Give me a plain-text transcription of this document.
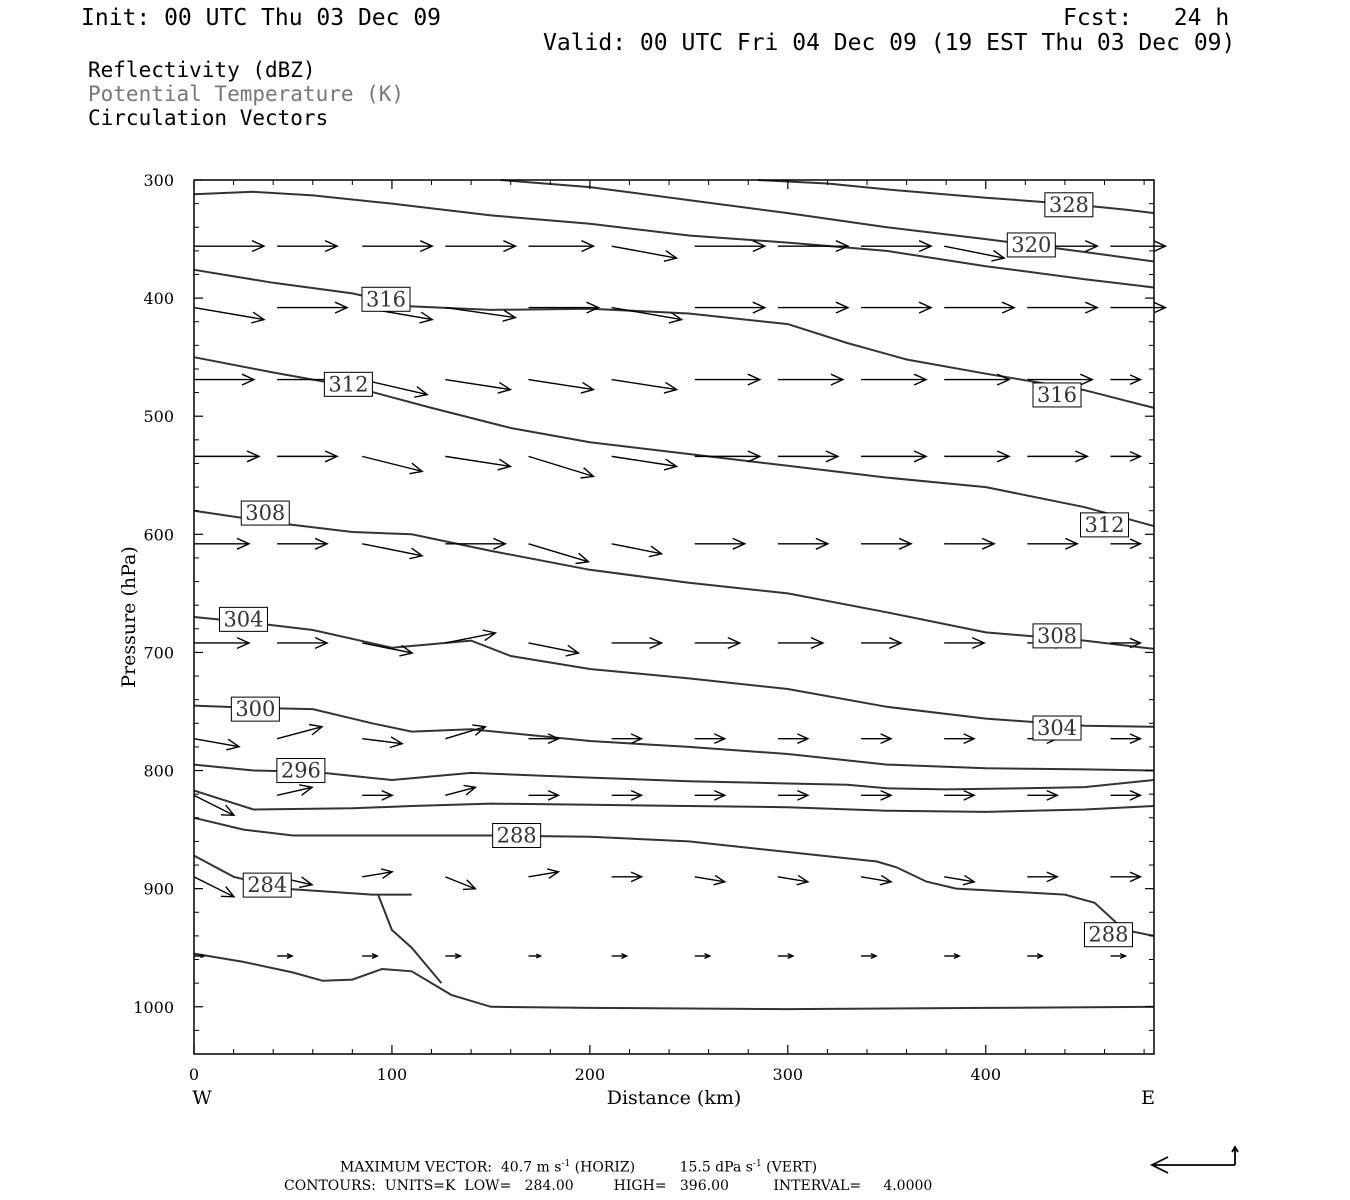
Init: 00 UTC Thu 03 Dec 09	Fcst:   24 h
Valid: 00 UTC Fri 04 Dec 09 (19 EST Thu 03 Dec 09)
Reflectivity (dBZ)
Potential Temperature (K)
Circulation Vectors
300
400
500
600
700
800
900
1000
0	100	200	300	400
284
288
288
296
300
304
304
308
308
312
312
316
316
320
328
Distance (km)
Pressure (hPa)
W	E
MAXIMUM VECTOR:  40.7 m $s^{-1}$ (HORIZ)          15.5 dPa $s^{-1}$ (VERT)
CONTOURS:  UNITS=K  LOW=   284.00         HIGH=   396.00          INTERVAL=     4.0000
